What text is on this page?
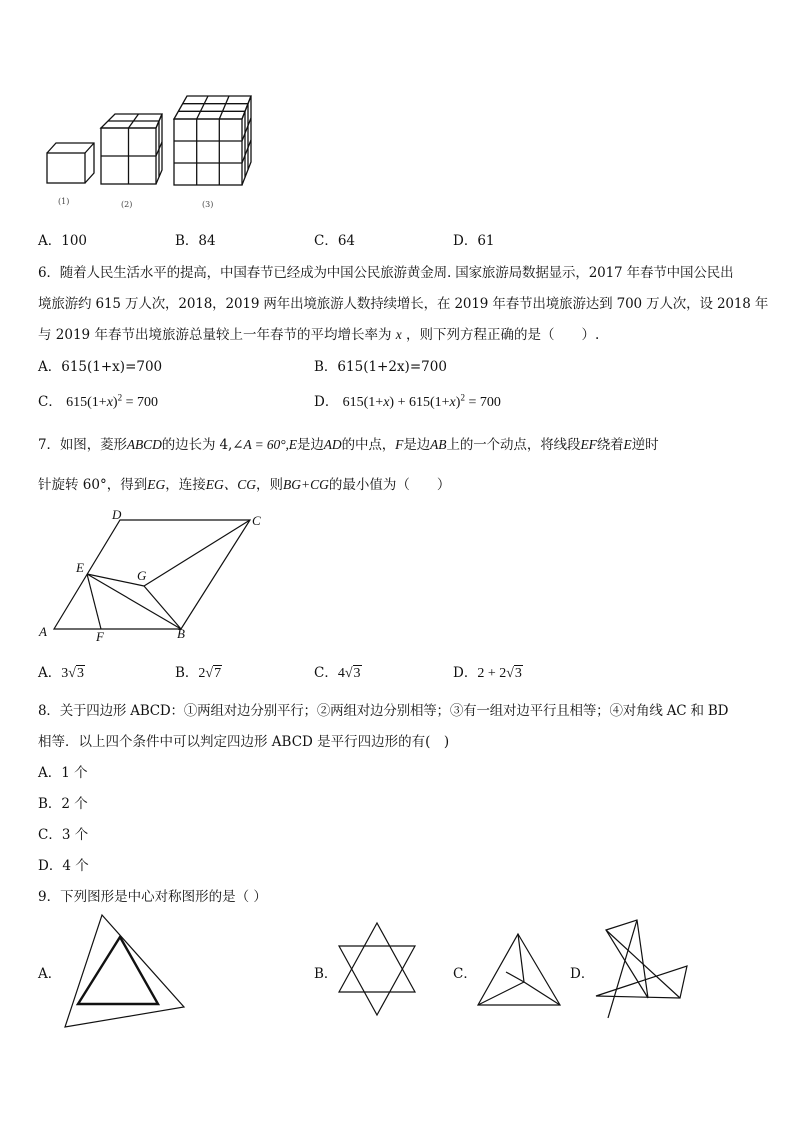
(1)	(2)	(3)
A．100	B．84	C．64	D．61
6．随着人民生活水平的提高，中国春节已经成为中国公民旅游黄金周. 国家旅游局数据显示，2017 年春节中国公民出
境旅游约 615 万人次，2018，2019 两年出境旅游人数持续增长，在 2019 年春节出境旅游达到 700 万人次，设 2018 年
与 2019 年春节出境旅游总量较上一年春节的平均增长率为 x ，则下列方程正确的是（　　）.
A．615(1+x)=700	B．615(1+2x)=700
C． $615(1+x)^2 = 700$	D． $615(1+x) + 615(1+x)^2 = 700$
7．如图，菱形ABCD的边长为 4,∠A = 60°,E是边AD的中点，F是边AB上的一个动点，将线段EF绕着E逆时
针旋转 60°，得到EG，连接EG、CG，则BG+CG的最小值为（　　）
D	C
E
G
A	F	B
A．3√3	B．2√7	C．4√3	D．2 + 2√3
8．关于四边形 ABCD：①两组对边分别平行；②两组对边分别相等；③有一组对边平行且相等；④对角线 AC 和 BD
相等．以上四个条件中可以判定四边形 ABCD 是平行四边形的有(　)
A．1 个
B．2 个
C．3 个
D．4 个
9．下列图形是中心对称图形的是（ ）
A．	B．	C．	D．
